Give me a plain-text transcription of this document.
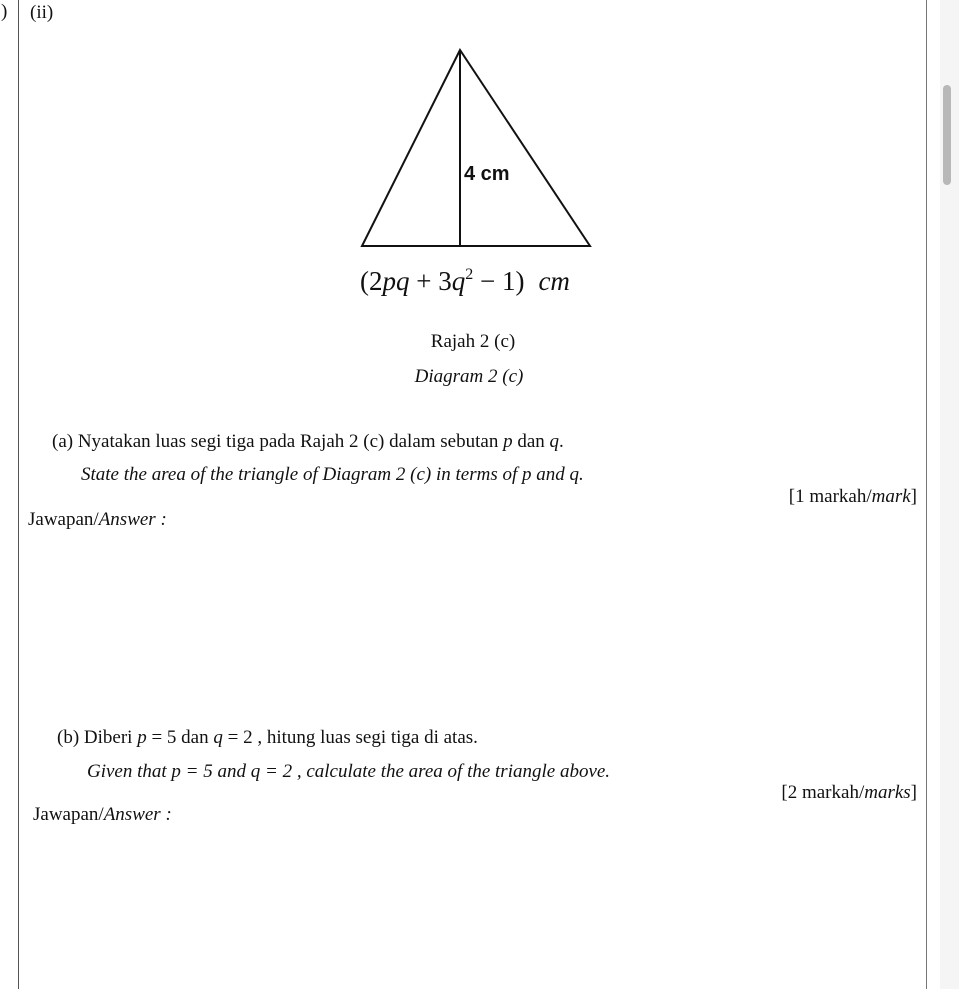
) (ii)
4 cm
$(2pq + 3q^2 - 1)$ cm
Rajah 2 (c)
Diagram 2 (c)
(a) Nyatakan luas segi tiga pada Rajah 2 (c) dalam sebutan p dan q.
State the area of the triangle of Diagram 2 (c) in terms of p and q.
[1 markah/mark]
Jawapan/Answer :
(b) Diberi p = 5 dan q = 2 , hitung luas segi tiga di atas.
Given that p = 5 and q = 2 , calculate the area of the triangle above.
[2 markah/marks]
Jawapan/Answer :
